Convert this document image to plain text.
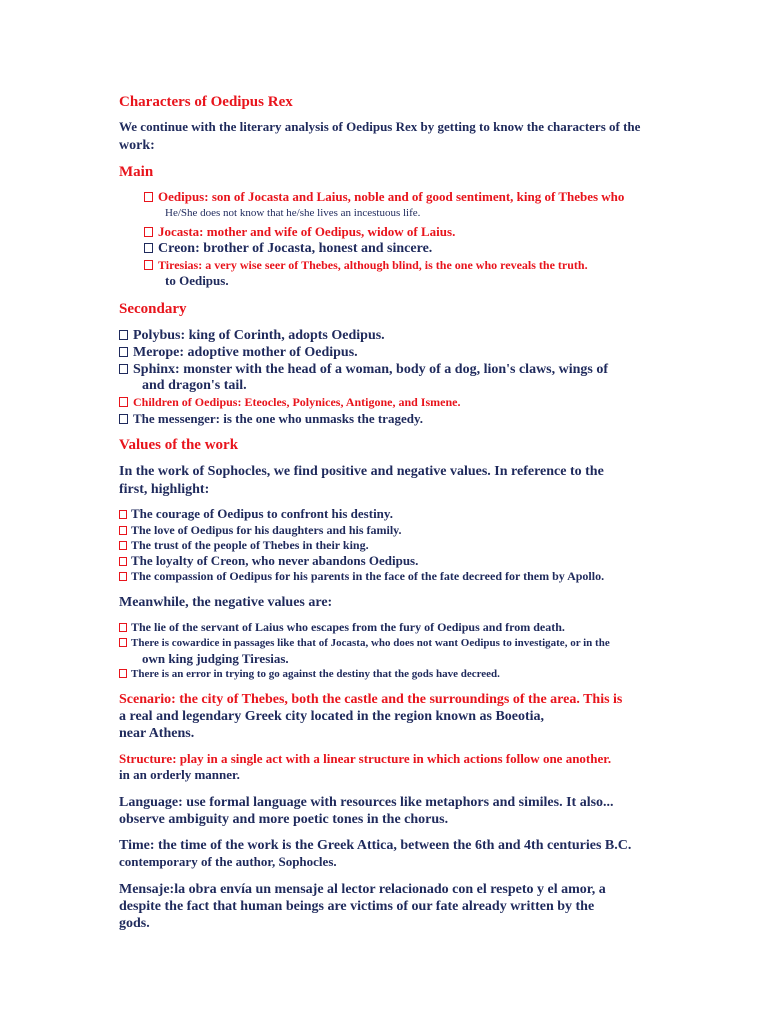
Characters of Oedipus Rex
We continue with the literary analysis of Oedipus Rex by getting to know the characters of the
work:
Main
Oedipus: son of Jocasta and Laius, noble and of good sentiment, king of Thebes who
He/She does not know that he/she lives an incestuous life.
Jocasta: mother and wife of Oedipus, widow of Laius.
Creon: brother of Jocasta, honest and sincere.
Tiresias: a very wise seer of Thebes, although blind, is the one who reveals the truth.
to Oedipus.
Secondary
Polybus: king of Corinth, adopts Oedipus.
Merope: adoptive mother of Oedipus.
Sphinx: monster with the head of a woman, body of a dog, lion's claws, wings of
and dragon's tail.
Children of Oedipus: Eteocles, Polynices, Antigone, and Ismene.
The messenger: is the one who unmasks the tragedy.
Values of the work
In the work of Sophocles, we find positive and negative values. In reference to the
first, highlight:
The courage of Oedipus to confront his destiny.
The love of Oedipus for his daughters and his family.
The trust of the people of Thebes in their king.
The loyalty of Creon, who never abandons Oedipus.
The compassion of Oedipus for his parents in the face of the fate decreed for them by Apollo.
Meanwhile, the negative values are:
The lie of the servant of Laius who escapes from the fury of Oedipus and from death.
There is cowardice in passages like that of Jocasta, who does not want Oedipus to investigate, or in the
own king judging Tiresias.
There is an error in trying to go against the destiny that the gods have decreed.
Scenario: the city of Thebes, both the castle and the surroundings of the area. This is
a real and legendary Greek city located in the region known as Boeotia,
near Athens.
Structure: play in a single act with a linear structure in which actions follow one another.
in an orderly manner.
Language: use formal language with resources like metaphors and similes. It also...
observe ambiguity and more poetic tones in the chorus.
Time: the time of the work is the Greek Attica, between the 6th and 4th centuries B.C.
contemporary of the author, Sophocles.
Mensaje:la obra envía un mensaje al lector relacionado con el respeto y el amor, a
despite the fact that human beings are victims of our fate already written by the
gods.
